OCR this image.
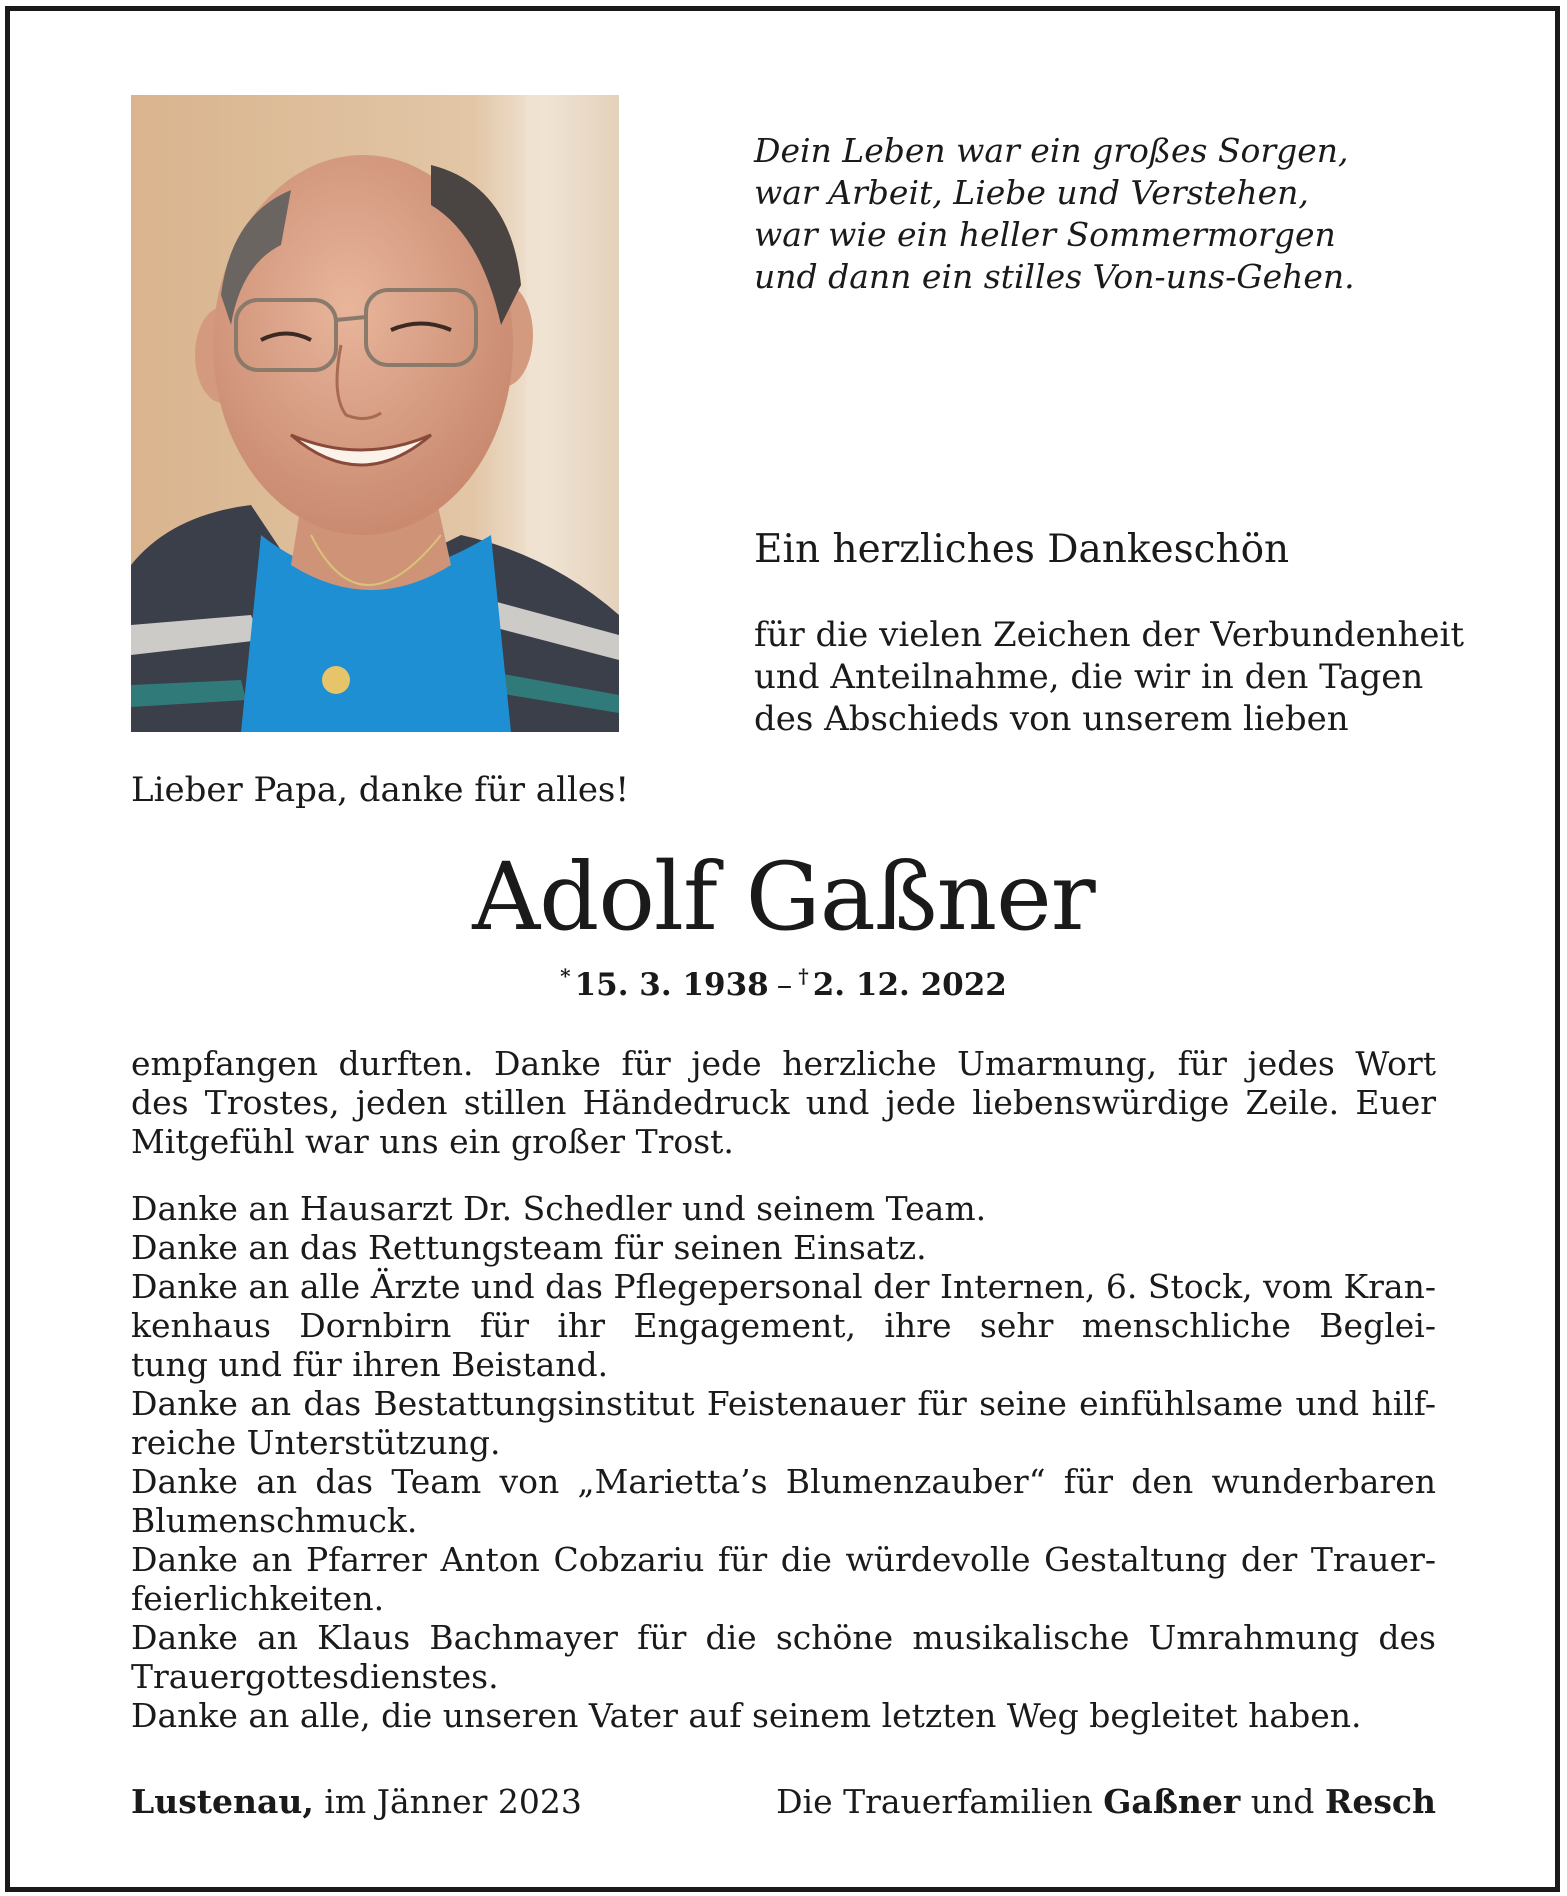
Dein Leben war ein großes Sorgen,
war Arbeit, Liebe und Verstehen,
war wie ein heller Sommermorgen
und dann ein stilles Von-uns-Gehen.
Ein herzliches Dankeschön
für die vielen Zeichen der Verbundenheit
und Anteilnahme, die wir in den Tagen
des Abschieds von unserem lieben
Lieber Papa, danke für alles!
Adolf Gaßner
* 15. 3. 1938 – † 2. 12. 2022
empfangen durften. Danke für jede herzliche Umarmung, für jedes Wort
des Trostes, jeden stillen Händedruck und jede liebenswürdige Zeile. Euer
Mitgefühl war uns ein großer Trost.
Danke an Hausarzt Dr. Schedler und seinem Team.
Danke an das Rettungsteam für seinen Einsatz.
Danke an alle Ärzte und das Pflegepersonal der Internen, 6. Stock, vom Kran-
kenhaus Dornbirn für ihr Engagement, ihre sehr menschliche Beglei-
tung und für ihren Beistand.
Danke an das Bestattungsinstitut Feistenauer für seine einfühlsame und hilf-
reiche Unterstützung.
Danke an das Team von „Marietta’s Blumenzauber“ für den wunderbaren
Blumenschmuck.
Danke an Pfarrer Anton Cobzariu für die würdevolle Gestaltung der Trauer-
feierlichkeiten.
Danke an Klaus Bachmayer für die schöne musikalische Umrahmung des
Trauergottesdienstes.
Danke an alle, die unseren Vater auf seinem letzten Weg begleitet haben.
Lustenau, im Jänner 2023	Die Trauerfamilien Gaßner und Resch
